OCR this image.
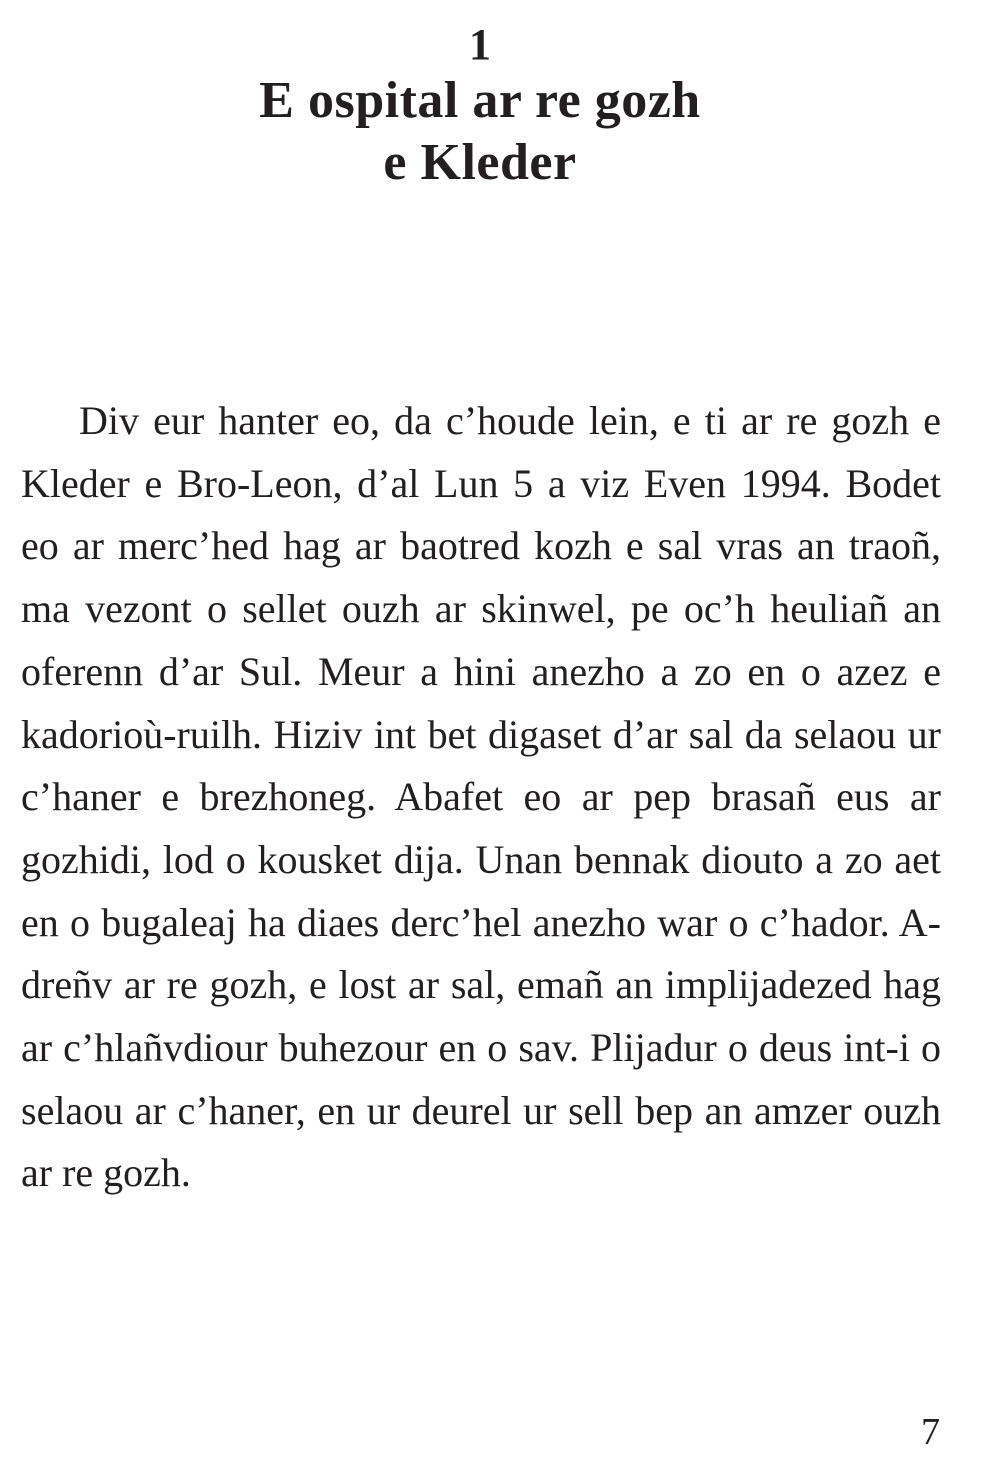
1
E ospital ar re gozh
e Kleder

Div eur hanter eo, da c’houde lein, e ti ar re gozh e Kleder e Bro-Leon, d’al Lun 5 a viz Even 1994. Bodet eo ar merc’hed hag ar baotred kozh e sal vras an traoñ, ma vezont o sellet ouzh ar skinwel, pe oc’h heuliañ an oferenn d’ar Sul. Meur a hini anezho a zo en o azez e kadorioù-ruilh. Hiziv int bet digaset d’ar sal da selaou ur c’haner e brezhoneg. Abafet eo ar pep brasañ eus ar gozhidi, lod o kousket dija. Unan bennak diouto a zo aet en o bugaleaj ha diaes derc’hel anezho war o c’hador. A-dreñv ar re gozh, e lost ar sal, emañ an implijadezed hag ar c’hlañvdiour buhezour en o sav. Plijadur o deus int-i o selaou ar c’haner, en ur deurel ur sell bep an amzer ouzh ar re gozh.

7
